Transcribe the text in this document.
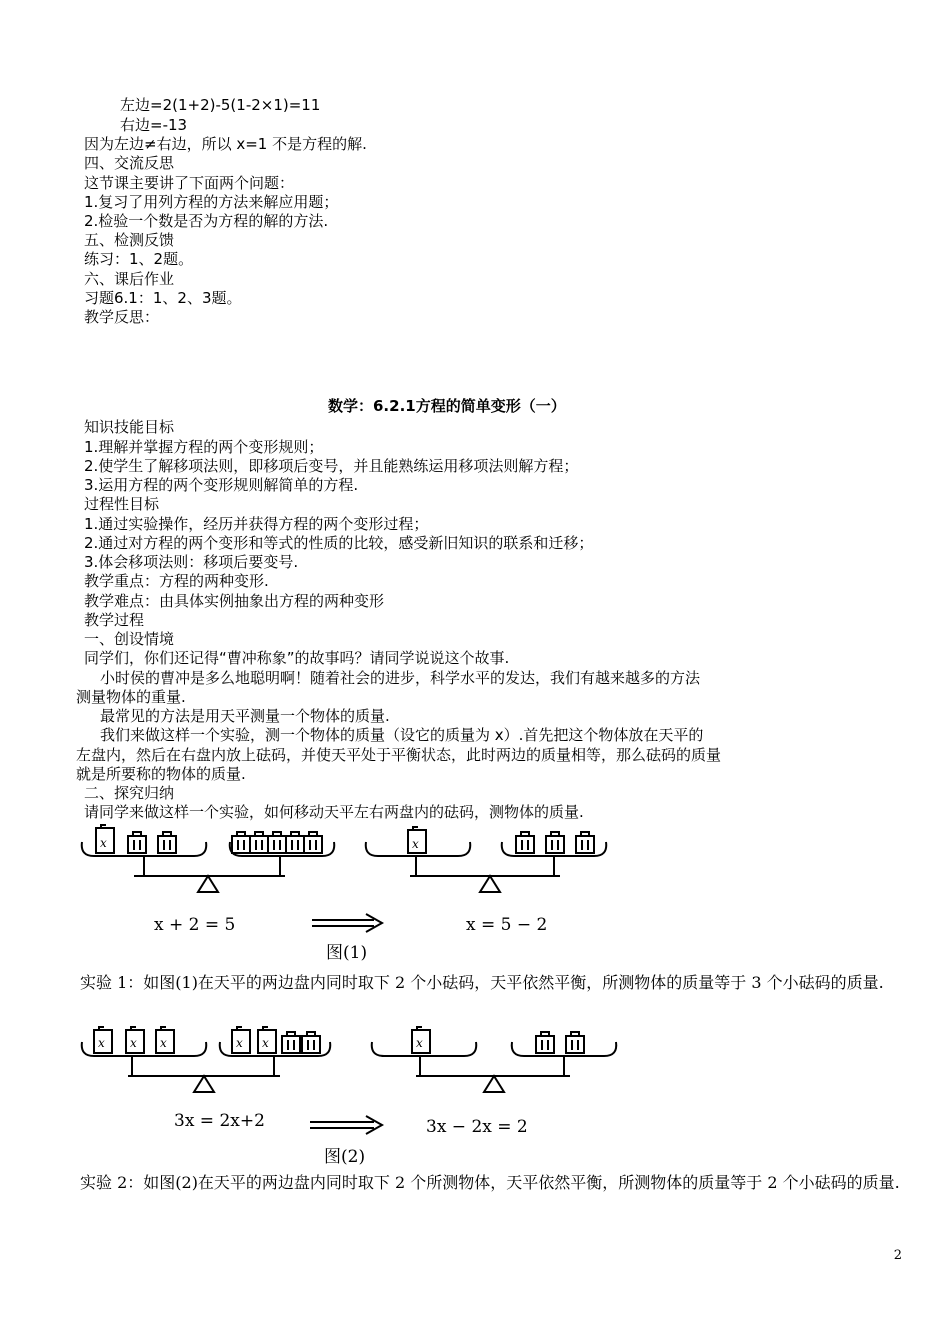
左边=2(1+2)-5(1-2×1)=11
右边=-13
因为左边≠右边，所以 x=1 不是方程的解.
四、交流反思
这节课主要讲了下面两个问题：
1.复习了用列方程的方法来解应用题；
2.检验一个数是否为方程的解的方法.
五、检测反馈
练习：1、2题。
六、课后作业
习题6.1：1、2、3题。
教学反思：
数学：6.2.1方程的简单变形（一）
知识技能目标
1.理解并掌握方程的两个变形规则；
2.使学生了解移项法则，即移项后变号，并且能熟练运用移项法则解方程；
3.运用方程的两个变形规则解简单的方程.
过程性目标
1.通过实验操作，经历并获得方程的两个变形过程；
2.通过对方程的两个变形和等式的性质的比较，感受新旧知识的联系和迁移；
3.体会移项法则：移项后要变号.
教学重点：方程的两种变形.
教学难点：由具体实例抽象出方程的两种变形
教学过程
一、创设情境
同学们，你们还记得“曹冲称象”的故事吗？请同学说说这个故事.
小时侯的曹冲是多么地聪明啊！随着社会的进步，科学水平的发达，我们有越来越多的方法
测量物体的重量.
最常见的方法是用天平测量一个物体的质量.
我们来做这样一个实验，测一个物体的质量（设它的质量为 x）.首先把这个物体放在天平的
左盘内，然后在右盘内放上砝码，并使天平处于平衡状态，此时两边的质量相等，那么砝码的质量
就是所要称的物体的质量.
二、探究归纳
请同学来做这样一个实验，如何移动天平左右两盘内的砝码，测物体的质量.
x	x
x + 2 = 5	x = 5 − 2
图(1)
实验 1：如图(1)在天平的两边盘内同时取下 2 个小砝码，天平依然平衡，所测物体的质量等于 3 个小砝码的质量.
x x x	x x	x
3x = 2x+2	3x − 2x = 2
图(2)
实验 2：如图(2)在天平的两边盘内同时取下 2 个所测物体，天平依然平衡，所测物体的质量等于 2 个小砝码的质量.
2
